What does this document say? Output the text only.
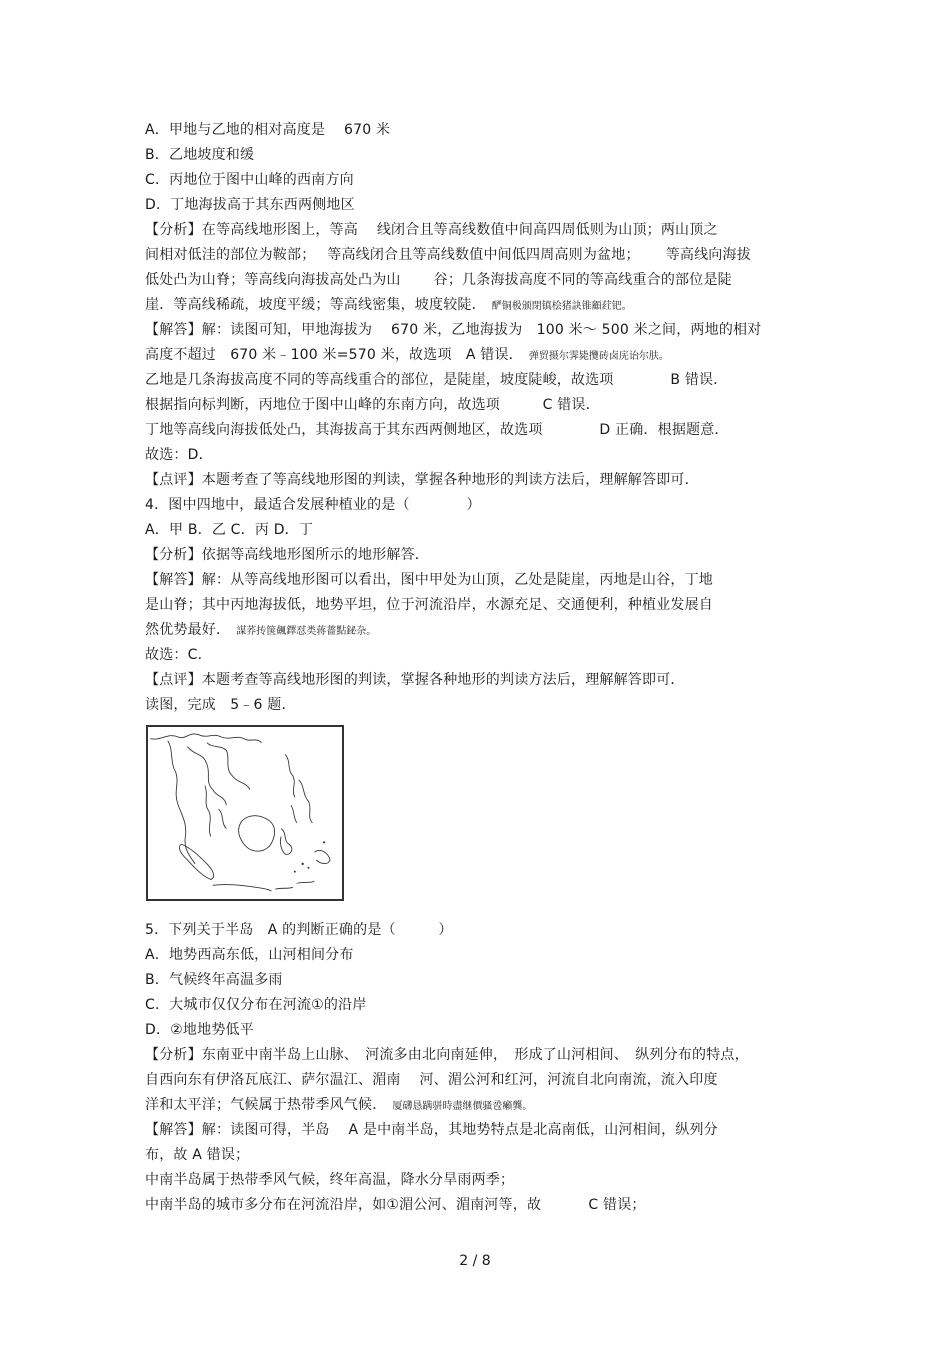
A．甲地与乙地的相对高度是　 670 米
B．乙地坡度和缓
C．丙地位于图中山峰的西南方向
D．丁地海拔高于其东西两侧地区
【分析】在等高线地形图上，等高　 线闭合且等高线数值中间高四周低则为山顶；两山顶之
间相对低洼的部位为鞍部；　 等高线闭合且等高线数值中间低四周高则为盆地；　　 等高线向海拔
低处凸为山脊；等高线向海拔高处凸为山　　 谷；几条海拔高度不同的等高线重合的部位是陡
崖．等高线稀疏，坡度平缓；等高线密集，坡度较陡． 酽铜极颁閉镇桧猪訣锥顧荭钯。
【解答】解：读图可知，甲地海拔为　 670 米，乙地海拔为　100 米～ 500 米之间，两地的相对
高度不超过　670 米﹣100 米=570 米，故选项　A 错误． 弹贸摄尔霁毙攬砖卤庑诒尔肤。
乙地是几条海拔高度不同的等高线重合的部位，是陡崖，坡度陡峻，故选项　　　　B 错误．
根据指向标判断，丙地位于图中山峰的东南方向，故选项　　　C 错误．
丁地等高线向海拔低处凸，其海拔高于其东西两侧地区，故选项　　　　D 正确．根据题意．
故选：D．
【点评】本题考查了等高线地形图的判读，掌握各种地形的判读方法后，理解解答即可．
4．图中四地中，最适合发展种植业的是（　　　　）
A．甲 B．乙 C．丙 D．丁
【分析】依据等高线地形图所示的地形解答．
【解答】解：从等高线地形图可以看出，图中甲处为山顶，乙处是陡崖，丙地是山谷，丁地
是山脊；其中丙地海拔低，地势平坦，位于河流沿岸，水源充足、交通便利，种植业发展自
然优势最好． 謀荞抟箧飆鐸怼类蒋薔點鉍杂。
故选：C．
【点评】本题考查等高线地形图的判读，掌握各种地形的判读方法后，理解解答即可．
读图，完成　5﹣6 题．
5．下列关于半岛　A 的判断正确的是（　　　）
A．地势西高东低，山河相间分布
B．气候终年高温多雨
C．大城市仅仅分布在河流①的沿岸
D．②地地势低平
【分析】东南亚中南半岛上山脉、　河流多由北向南延伸，　形成了山河相间、　纵列分布的特点，
自西向东有伊洛瓦底江、萨尔温江、湄南　 河、湄公河和红河，河流自北向南流，流入印度
洋和太平洋；气候属于热带季风气候． 厦礴恳蹒骈時盡继價骚卺癩龔。
【解答】解：读图可得，半岛　 A 是中南半岛，其地势特点是北高南低，山河相间，纵列分
布，故 A 错误；
中南半岛属于热带季风气候，终年高温，降水分旱雨两季；
中南半岛的城市多分布在河流沿岸，如①湄公河、湄南河等，故　　　 C 错误；
2 / 8
